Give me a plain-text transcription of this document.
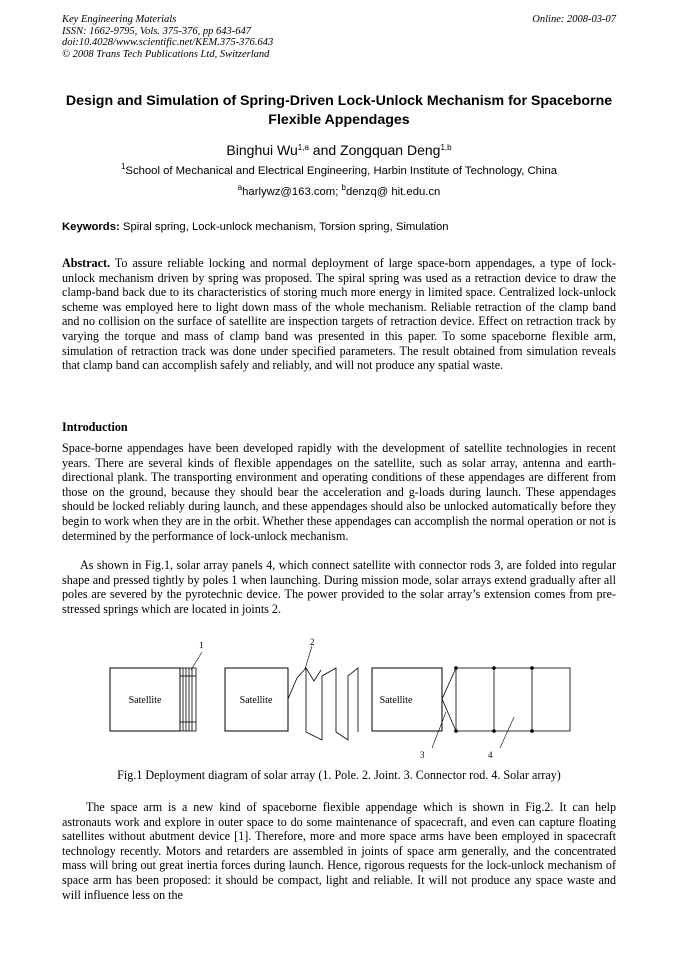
Key Engineering Materials
ISSN: 1662-9795, Vols. 375-376, pp 643-647
doi:10.4028/www.scientific.net/KEM.375-376.643
© 2008 Trans Tech Publications Ltd, Switzerland
Online: 2008-03-07
Design and Simulation of Spring-Driven Lock-Unlock Mechanism for Spaceborne Flexible Appendages
Binghui Wu$^{1,a}$ and Zongquan Deng$^{1,b}$
$^1$School of Mechanical and Electrical Engineering, Harbin Institute of Technology, China
$^a$harlywz@163.com; $^b$denzq@ hit.edu.cn
Keywords: Spiral spring, Lock-unlock mechanism, Torsion spring, Simulation
Abstract. To assure reliable locking and normal deployment of large space-born appendages, a type of lock-unlock mechanism driven by spring was proposed. The spiral spring was used as a retraction device to draw the clamp-band back due to its characteristics of storing much more energy in limited space. Centralized lock-unlock scheme was employed here to light down mass of the whole mechanism. Reliable retraction of the clamp band and no collision on the surface of satellite are inspection targets of retraction device. Effect on retraction track by varying the torque and mass of clamp band was presented in this paper. To some spaceborne flexible arm, simulation of retraction track was done under specified parameters. The result obtained from simulation reveals that clamp band can accomplish safely and reliably, and will not produce any spatial waste.
Introduction
Space-borne appendages have been developed rapidly with the development of satellite technologies in recent years. There are several kinds of flexible appendages on the satellite, such as solar array, antenna and earth-directional plank. The transporting environment and operating conditions of these appendages are different from those on the ground, because they should bear the acceleration and g-loads during launch. These appendages should be locked reliably during launch, and these appendages should also be unlocked automatically before they begin to work when they are in the orbit. Whether these appendages can accomplish the normal operation or not is determined by the performance of lock-unlock mechanism.
As shown in Fig.1, solar array panels 4, which connect satellite with connector rods 3, are folded into regular shape and pressed tightly by poles 1 when launching. During mission mode, solar arrays extend gradually after all poles are severed by the pyrotechnic device. The power provided to the solar array’s extension comes from pre-stressed springs which are located in joints 2.
Satellite
1
Satellite
2
Satellite
3	4
Fig.1 Deployment diagram of solar array (1. Pole. 2. Joint. 3. Connector rod. 4. Solar array)
The space arm is a new kind of spaceborne flexible appendage which is shown in Fig.2. It can help astronauts work and explore in outer space to do some maintenance of spacecraft, and even can capture floating satellites without abutment device [1]. Therefore, more and more space arms have been employed in spacecraft technology recently. Motors and retarders are assembled in joints of space arm generally, and the concentrated mass will bring out great inertia forces during launch. Hence, rigorous requests for the lock-unlock mechanism of space arm has been proposed: it should be compact, light and reliable. It will not produce any space waste and will influence less on the
